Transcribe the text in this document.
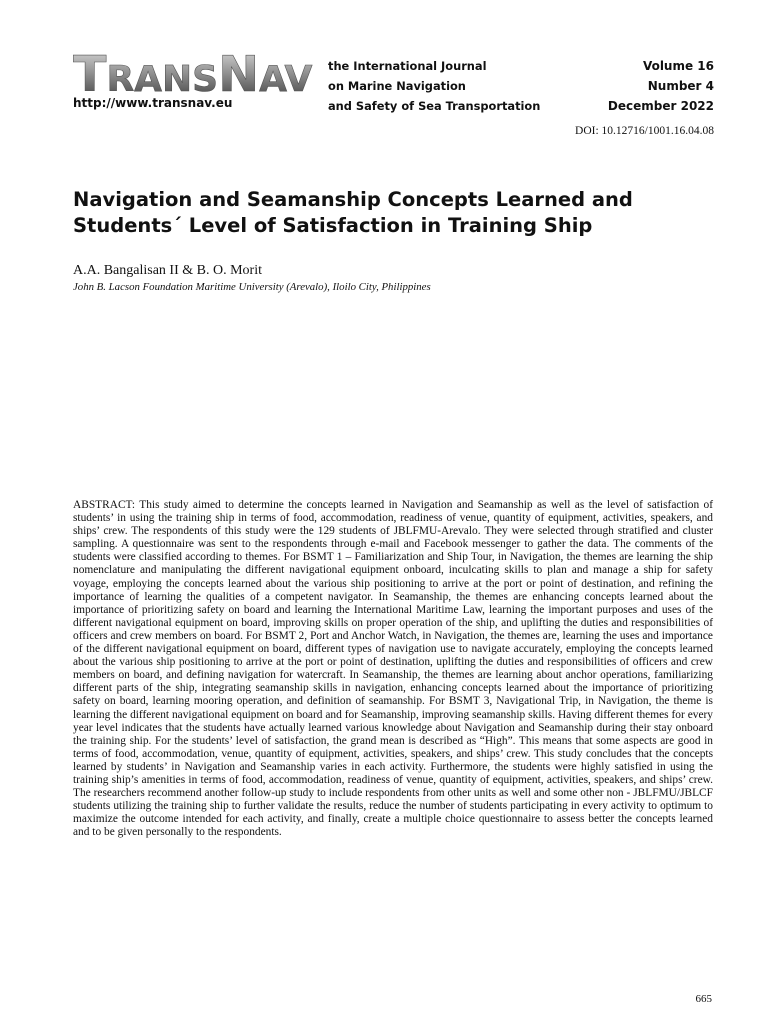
TRANSNAV
http://www.transnav.eu
the International Journal
on Marine Navigation
and Safety of Sea Transportation
Volume 16
Number 4
December 2022
DOI: 10.12716/1001.16.04.08
Navigation and Seamanship Concepts Learned and
Students´ Level of Satisfaction in Training Ship
A.A. Bangalisan II & B. O. Morit
John B. Lacson Foundation Maritime University (Arevalo), Iloilo City, Philippines

ABSTRACT: This study aimed to determine the concepts learned in Navigation and Seamanship as well as the level of satisfaction of students’ in using the training ship in terms of food, accommodation, readiness of venue, quantity of equipment, activities, speakers, and ships’ crew. The respondents of this study were the 129 students of JBLFMU-Arevalo. They were selected through stratified and cluster sampling. A questionnaire was sent to the respondents through e-mail and Facebook messenger to gather the data. The comments of the students were classified according to themes. For BSMT 1 – Familiarization and Ship Tour, in Navigation, the themes are learning the ship nomenclature and manipulating the different navigational equipment onboard, inculcating skills to plan and manage a ship for safety voyage, employing the concepts learned about the various ship positioning to arrive at the port or point of destination, and refining the importance of learning the qualities of a competent navigator. In Seamanship, the themes are enhancing concepts learned about the importance of prioritizing safety on board and learning the International Maritime Law, learning the important purposes and uses of the different navigational equipment on board, improving skills on proper operation of the ship, and uplifting the duties and responsibilities of officers and crew members on board. For BSMT 2, Port and Anchor Watch, in Navigation, the themes are, learning the uses and importance of the different navigational equipment on board, different types of navigation use to navigate accurately, employing the concepts learned about the various ship positioning to arrive at the port or point of destination, uplifting the duties and responsibilities of officers and crew members on board, and defining navigation for watercraft. In Seamanship, the themes are learning about anchor operations, familiarizing different parts of the ship, integrating seamanship skills in navigation, enhancing concepts learned about the importance of prioritizing safety on board, learning mooring operation, and definition of seamanship. For BSMT 3, Navigational Trip, in Navigation, the theme is learning the different navigational equipment on board and for Seamanship, improving seamanship skills. Having different themes for every year level indicates that the students have actually learned various knowledge about Navigation and Seamanship during their stay onboard the training ship. For the students’ level of satisfaction, the grand mean is described as “High”. This means that some aspects are good in terms of food, accommodation, venue, quantity of equipment, activities, speakers, and ships’ crew. This study concludes that the concepts learned by students’ in Navigation and Seamanship varies in each activity. Furthermore, the students were highly satisfied in using the training ship’s amenities in terms of food, accommodation, readiness of venue, quantity of equipment, activities, speakers, and ships’ crew. The researchers recommend another follow-up study to include respondents from other units as well and some other non - JBLFMU/JBLCF students utilizing the training ship to further validate the results, reduce the number of students participating in every activity to optimum to maximize the outcome intended for each activity, and finally, create a multiple choice questionnaire to assess better the concepts learned and to be given personally to the respondents.

665
